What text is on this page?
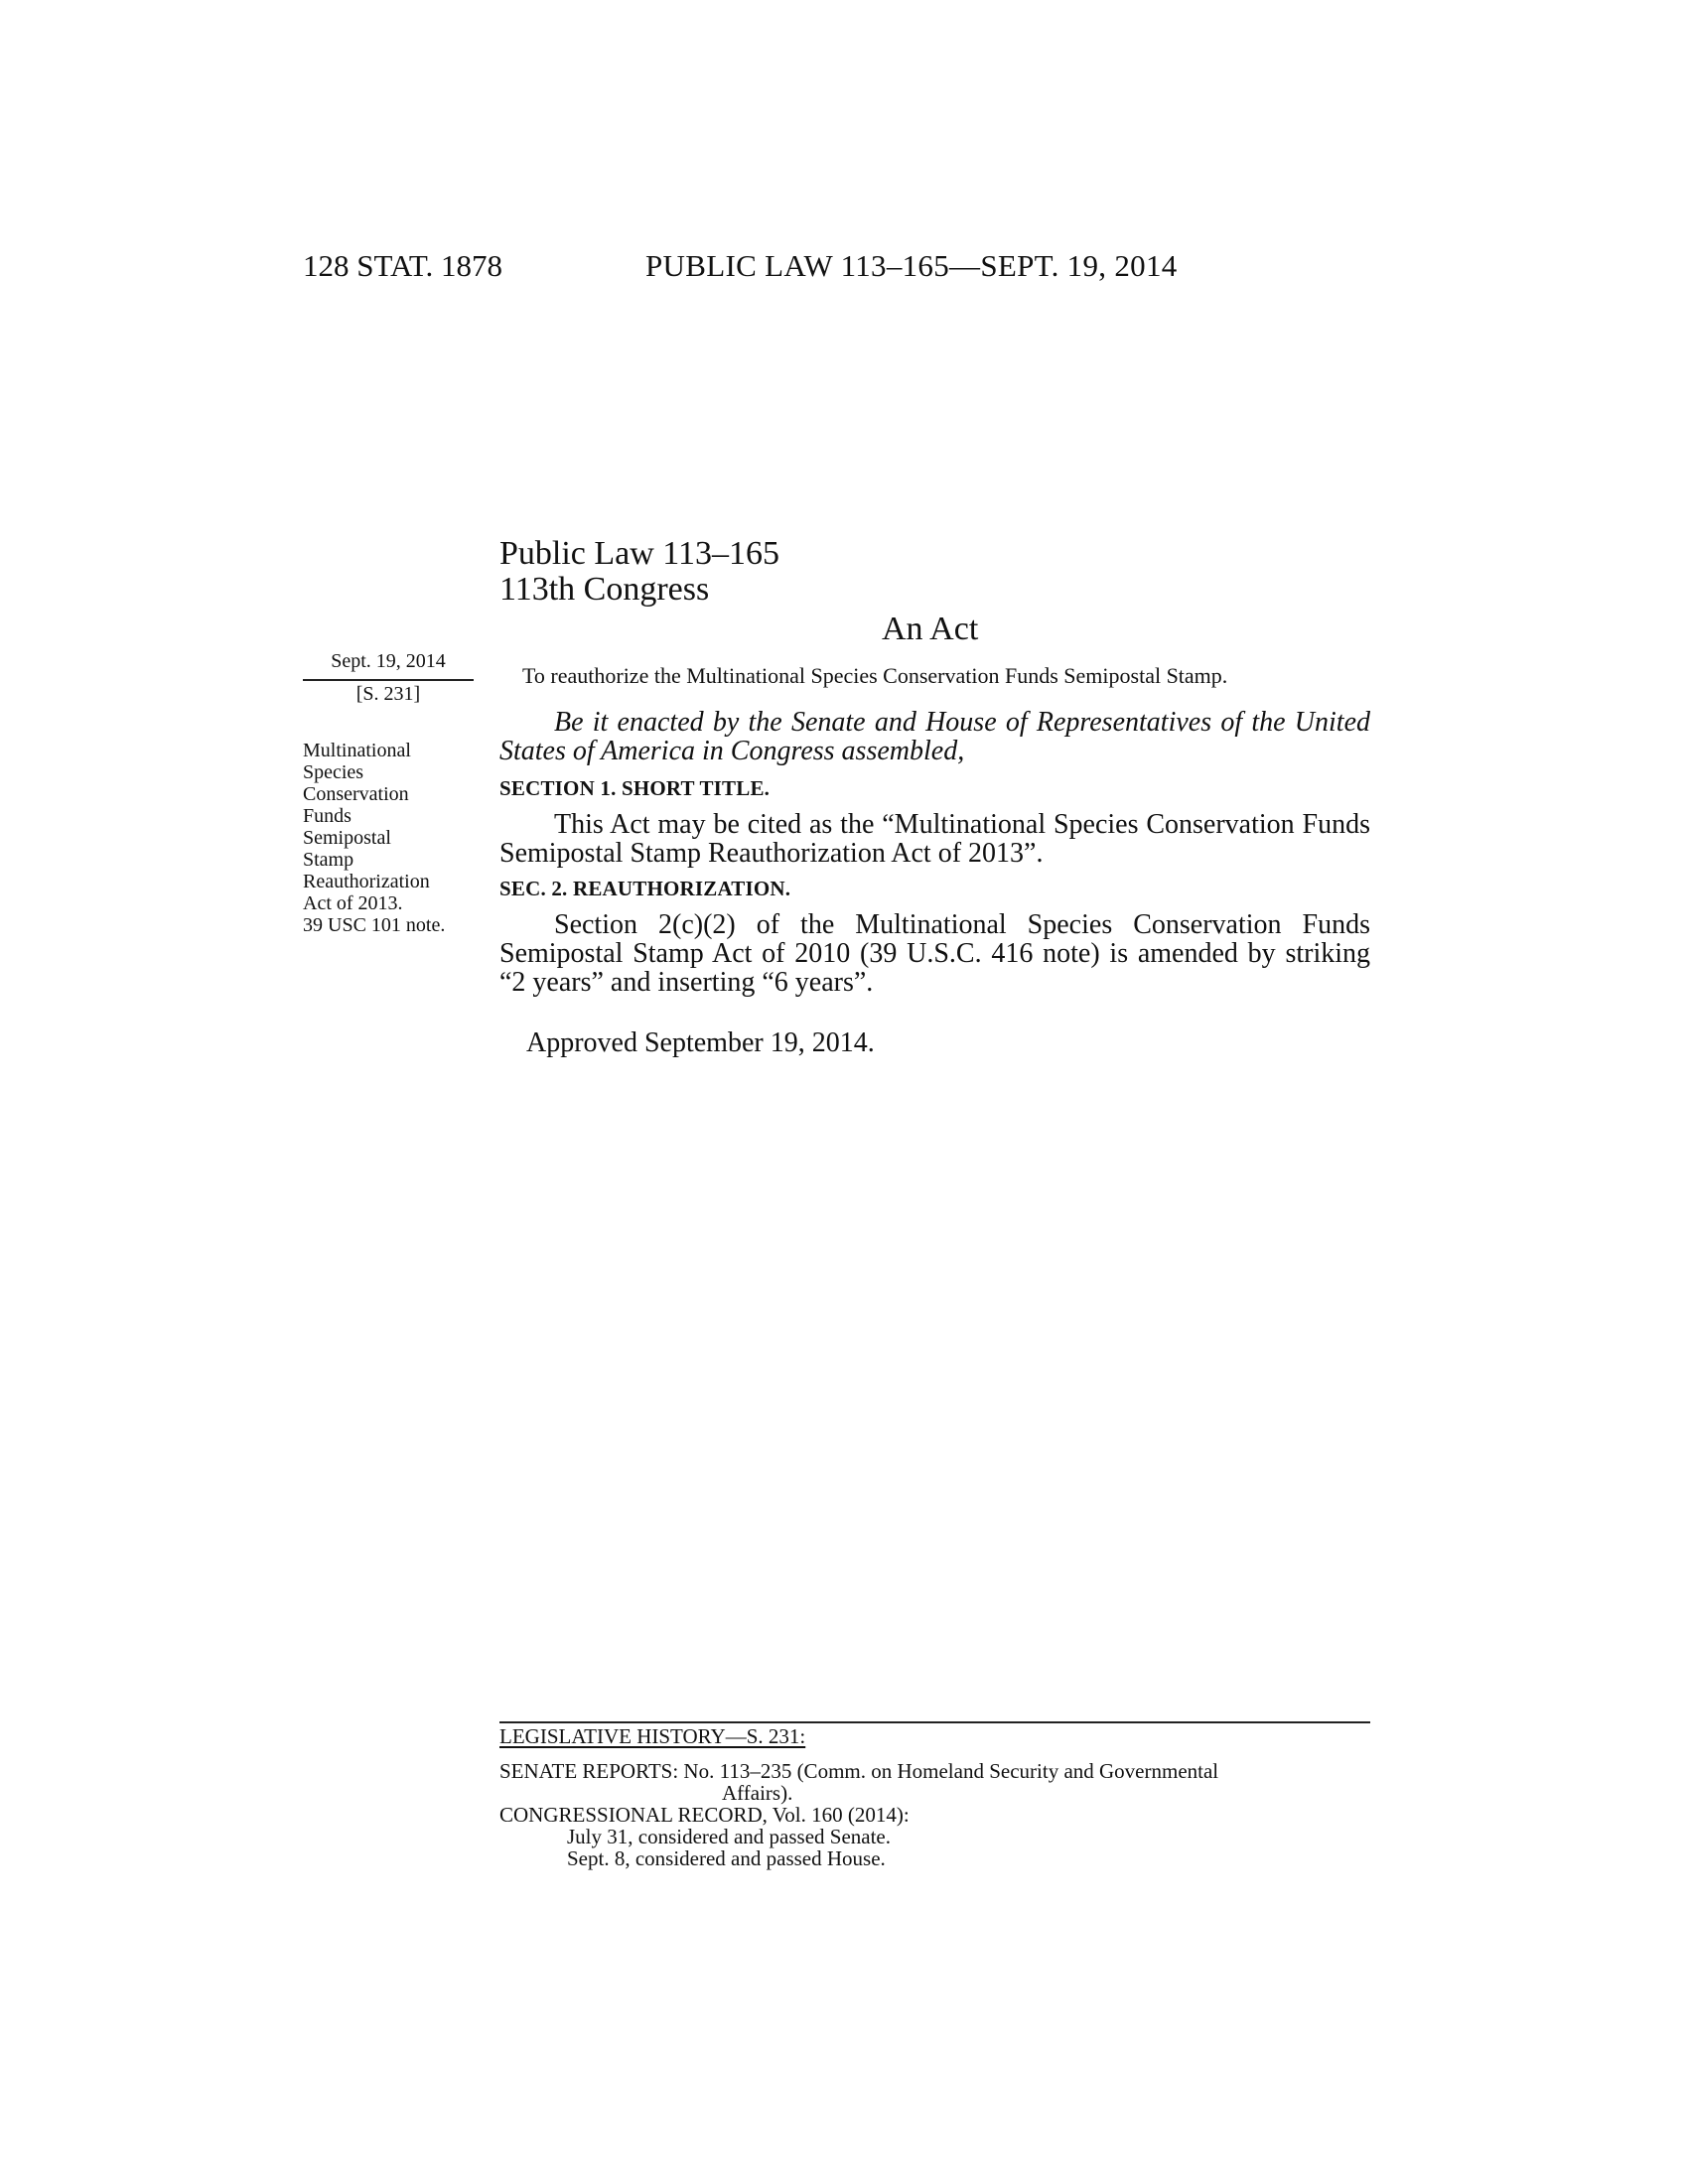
128 STAT. 1878	PUBLIC LAW 113–165—SEPT. 19, 2014
Public Law 113–165
113th Congress
An Act
Sept. 19, 2014
[S. 231]
Multinational
Species
Conservation
Funds
Semipostal
Stamp
Reauthorization
Act of 2013.
39 USC 101 note.
To reauthorize the Multinational Species Conservation Funds Semipostal Stamp.
Be it enacted by the Senate and House of Representatives of the United States of America in Congress assembled,
SECTION 1. SHORT TITLE.
This Act may be cited as the “Multinational Species Conservation Funds Semipostal Stamp Reauthorization Act of 2013”.
SEC. 2. REAUTHORIZATION.
Section 2(c)(2) of the Multinational Species Conservation Funds Semipostal Stamp Act of 2010 (39 U.S.C. 416 note) is amended by striking “2 years” and inserting “6 years”.
Approved September 19, 2014.
LEGISLATIVE HISTORY—S. 231:
SENATE REPORTS: No. 113–235 (Comm. on Homeland Security and Governmental
Affairs).
CONGRESSIONAL RECORD, Vol. 160 (2014):
July 31, considered and passed Senate.
Sept. 8, considered and passed House.
